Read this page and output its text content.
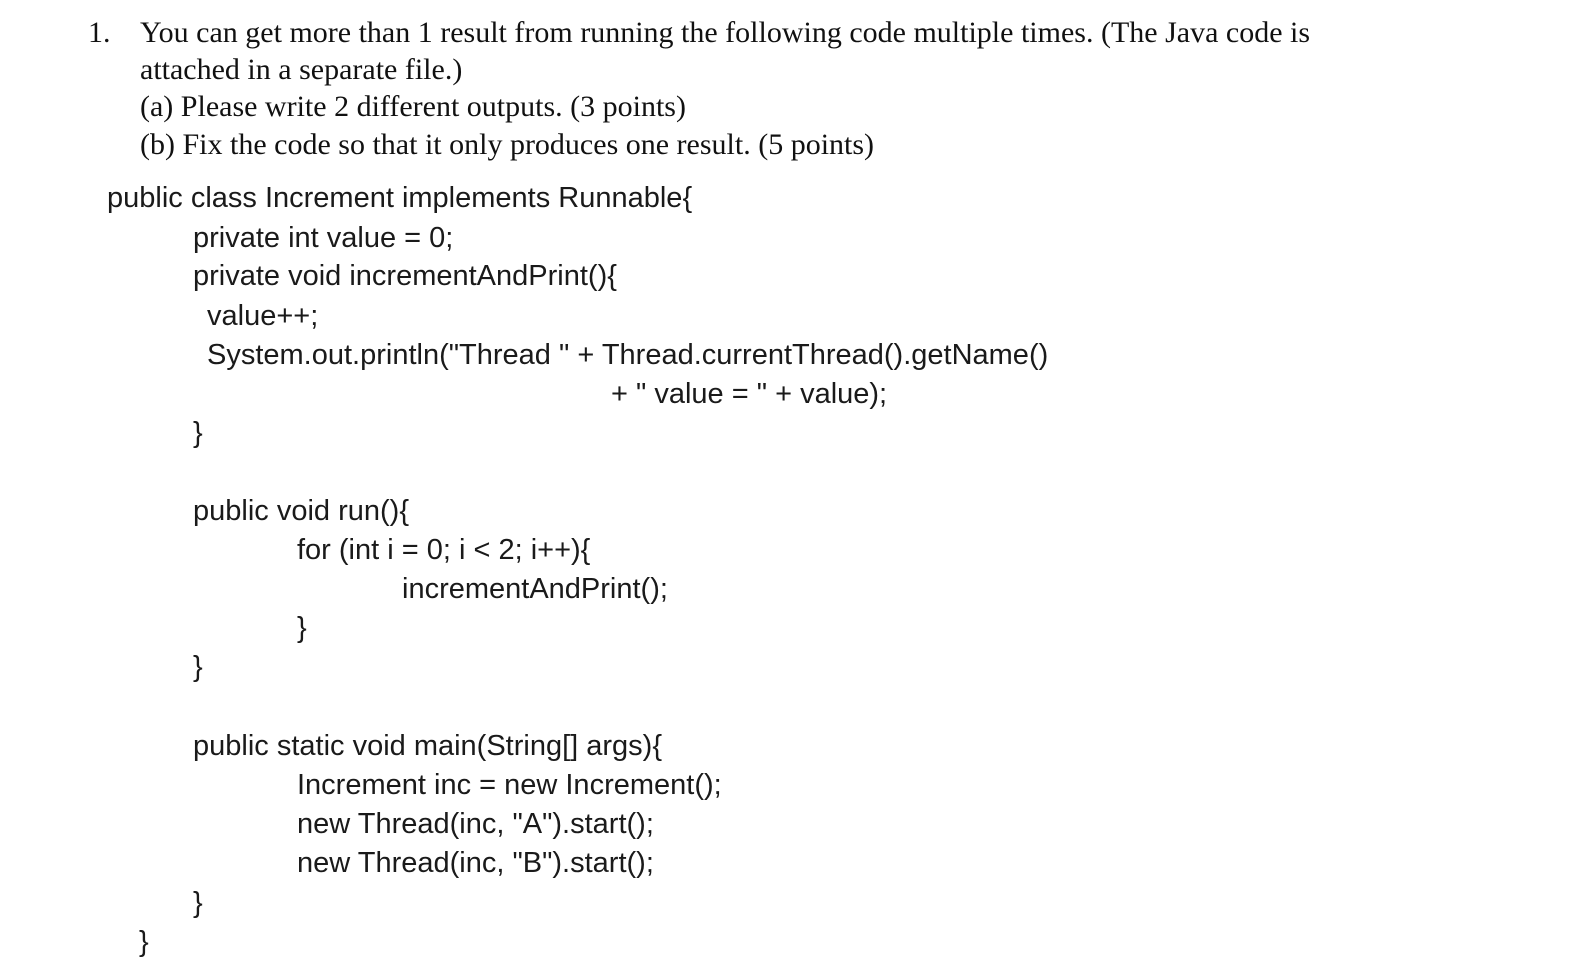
1. You can get more than 1 result from running the following code multiple times. (The Java code is
attached in a separate file.)
(a) Please write 2 different outputs. (3 points)
(b) Fix the code so that it only produces one result. (5 points)
public class Increment implements Runnable{
private int value = 0;
private void incrementAndPrint(){
value++;
System.out.println("Thread " + Thread.currentThread().getName()
+ " value = " + value);
}
public void run(){
for (int i = 0; i < 2; i++){
incrementAndPrint();
}
}
public static void main(String[] args){
Increment inc = new Increment();
new Thread(inc, "A").start();
new Thread(inc, "B").start();
}
}
